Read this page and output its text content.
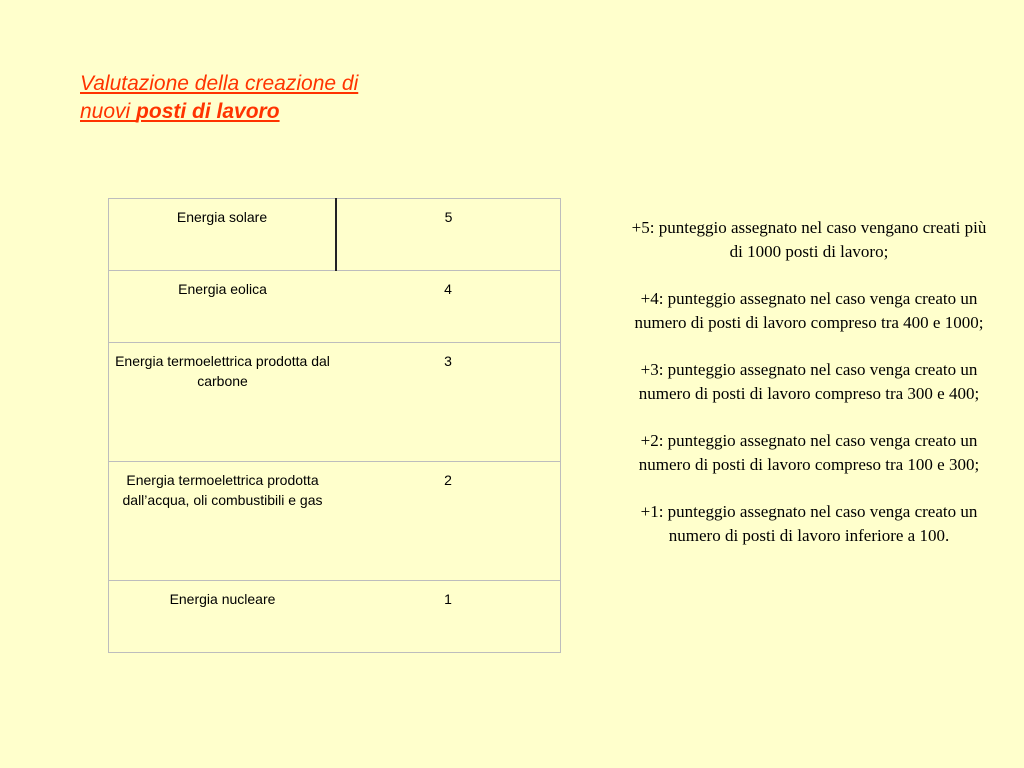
Valutazione della creazione di
nuovi posti di lavoro
Energia solare	5
Energia eolica	4
Energia termoelettrica prodotta dal carbone	3
Energia termoelettrica prodotta dall’acqua, oli combustibili e gas	2
Energia nucleare	1

+5: punteggio assegnato nel caso vengano creati più di 1000 posti di lavoro;

+4: punteggio assegnato nel caso venga creato un numero di posti di lavoro compreso tra 400 e 1000;

+3: punteggio assegnato nel caso venga creato un numero di posti di lavoro compreso tra 300 e 400;

+2: punteggio assegnato nel caso venga creato un numero di posti di lavoro compreso tra 100 e 300;

+1: punteggio assegnato nel caso venga creato un numero di posti di lavoro inferiore a 100.
